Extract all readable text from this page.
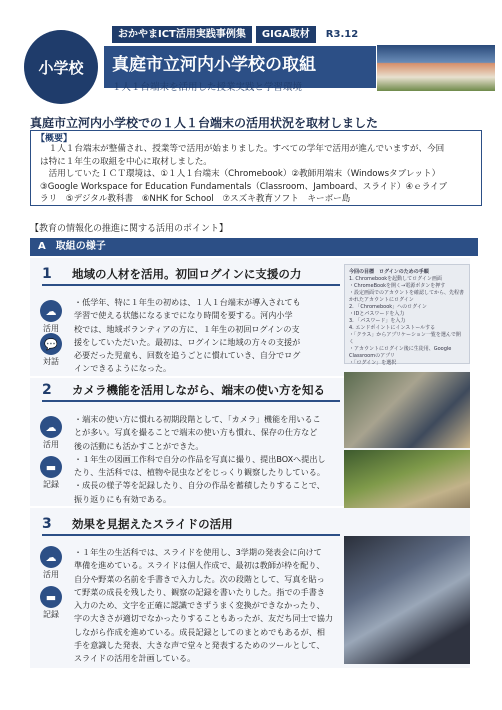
小学校
おかやまICT活用実践事例集	GIGA取材	R3.12
真庭市立河内小学校の取組
１人１台端末を活用した授業実践と学習環境
真庭市立河内小学校での１人１台端末の活用状況を取材しました
【概要】
　１人１台端末が整備され、授業等で活用が始まりました。すべての学年で活用が進んでいますが、今回
は特に１年生の取組を中心に取材しました。
　活用していたＩＣＴ環境は、①１人１台端末（Chromebook）②教師用端末（Windowsタブレット）
③Google Workspace for Education Fundamentals（Classroom、Jamboard、スライド）④ｅライブ
ラリ　⑤デジタル教科書　⑥NHK for School　⑦スズキ教育ソフト　キーボー島
【教育の情報化の推進に関する活用のポイント】
A　取組の様子
1 地域の人材を活用。初回ログインに支援の力
☁
活用
💬
対話
・低学年、特に１年生の初めは、１人１台端末が導入されても
学習で使える状態になるまでになり時間を要する。河内小学
校では、地域ボランティアの方に、１年生の初回ログインの支
援をしていただいた。最初は、ログインに地域の方々の支援が
必要だった児童も、回数を追うごとに慣れていき、自分でログ
インできるようになった。
今回の目標　ログインのための手順
1. Chromebookを起動してログイン画面
・ChromeBookを開く→電源ボタンを押す
・設定画面でのアカウントを確認してから、先程書かれたアカウントにログイン
2. 「Chromebook」へのログイン
・IDとパスワードを入力
3. 「パスワード」を入力
4. エンドポイントにインストールする
・「クラス」からアプリケーション一覧を選んで開く
・アカウントにログイン後に生徒用、Google Classroomのアプリ
・「ログイン」を選択
2 カメラ機能を活用しながら、端末の使い方を知る
☁
活用
▬
記録
・端末の使い方に慣れる初期段階として、「カメラ」機能を用いるこ
とが多い。写真を撮ることで端末の使い方も慣れ、保存の仕方など
後の活動にも活かすことができた。
・１年生の図画工作科で自分の作品を写真に撮り、提出BOXへ提出し
たり、生活科では、植物や昆虫などをじっくり観察したりしている。
・成長の様子等を記録したり、自分の作品を蓄積したりすることで、
振り返りにも有効である。
3 効果を見据えたスライドの活用
☁
活用
▬
記録
・１年生の生活科では、スライドを使用し、3学期の発表会に向けて
準備を進めている。スライドは個人作成で、最初は教師が枠を配り、
自分や野菜の名前を手書きで入力した。次の段階として、写真を貼っ
て野菜の成長を残したり、観察の記録を書いたりした。指での手書き
入力のため、文字を正確に認識できずうまく変換ができなかったり、
字の大きさが適切でなかったりすることもあったが、友だち同士で協力
しながら作成を進めている。成長記録としてのまとめでもあるが、相
手を意識した発表、大きな声で堂々と発表するためのツールとして、
スライドの活用を計画している。
